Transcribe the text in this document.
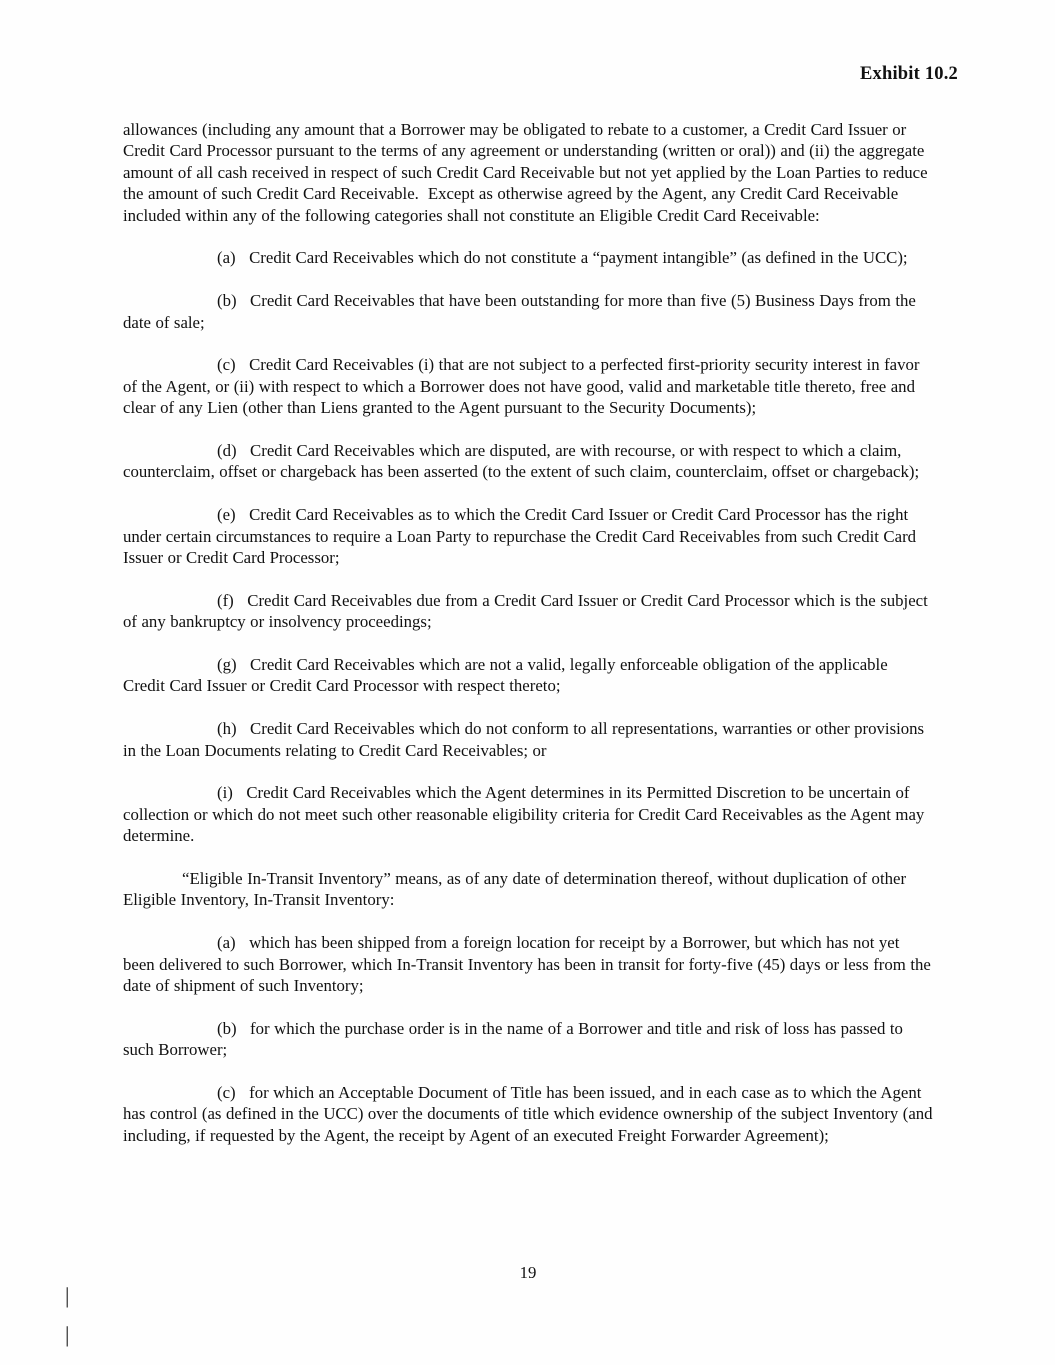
Exhibit 10.2

allowances (including any amount that a Borrower may be obligated to rebate to a customer, a Credit Card Issuer or Credit Card Processor pursuant to the terms of any agreement or understanding (written or oral)) and (ii) the aggregate amount of all cash received in respect of such Credit Card Receivable but not yet applied by the Loan Parties to reduce the amount of such Credit Card Receivable.  Except as otherwise agreed by the Agent, any Credit Card Receivable included within any of the following categories shall not constitute an Eligible Credit Card Receivable:

(a)   Credit Card Receivables which do not constitute a “payment intangible” (as defined in the UCC);

(b)   Credit Card Receivables that have been outstanding for more than five (5) Business Days from the date of sale;

(c)   Credit Card Receivables (i) that are not subject to a perfected first-priority security interest in favor of the Agent, or (ii) with respect to which a Borrower does not have good, valid and marketable title thereto, free and clear of any Lien (other than Liens granted to the Agent pursuant to the Security Documents);

(d)   Credit Card Receivables which are disputed, are with recourse, or with respect to which a claim, counterclaim, offset or chargeback has been asserted (to the extent of such claim, counterclaim, offset or chargeback);

(e)   Credit Card Receivables as to which the Credit Card Issuer or Credit Card Processor has the right under certain circumstances to require a Loan Party to repurchase the Credit Card Receivables from such Credit Card Issuer or Credit Card Processor;

(f)   Credit Card Receivables due from a Credit Card Issuer or Credit Card Processor which is the subject of any bankruptcy or insolvency proceedings;

(g)   Credit Card Receivables which are not a valid, legally enforceable obligation of the applicable Credit Card Issuer or Credit Card Processor with respect thereto;

(h)   Credit Card Receivables which do not conform to all representations, warranties or other provisions in the Loan Documents relating to Credit Card Receivables; or

(i)   Credit Card Receivables which the Agent determines in its Permitted Discretion to be uncertain of collection or which do not meet such other reasonable eligibility criteria for Credit Card Receivables as the Agent may determine.

“Eligible In-Transit Inventory” means, as of any date of determination thereof, without duplication of other Eligible Inventory, In-Transit Inventory:

(a)   which has been shipped from a foreign location for receipt by a Borrower, but which has not yet been delivered to such Borrower, which In-Transit Inventory has been in transit for forty-five (45) days or less from the date of shipment of such Inventory;

(b)   for which the purchase order is in the name of a Borrower and title and risk of loss has passed to such Borrower;

(c)   for which an Acceptable Document of Title has been issued, and in each case as to which the Agent has control (as defined in the UCC) over the documents of title which evidence ownership of the subject Inventory (and including, if requested by the Agent, the receipt by Agent of an executed Freight Forwarder Agreement);

19
|
|
